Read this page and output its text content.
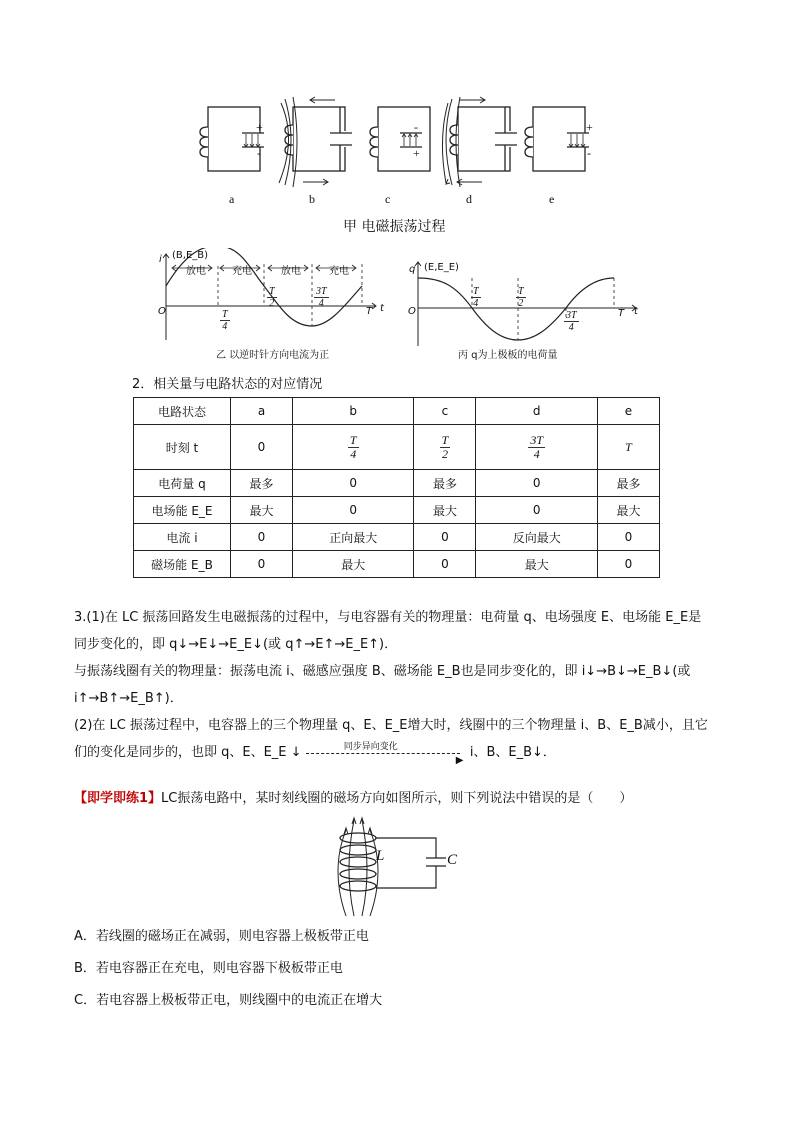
+
-
-
+
+
-
a	b	c	d	e
甲 电磁振荡过程
i (B,E_B)
放电	充电	放电	充电
O	T t
$\frac{T}{4}$
$\frac{T}{2}$	$\frac{3T}{4}$
乙 以逆时针方向电流为正
q (E,E_E)
O	T t
$\frac{T}{4}$	$\frac{T}{2}$
$\frac{3T}{4}$
丙 q为上极板的电荷量
2．相关量与电路状态的对应情况
电路状态	a	b	c	d	e
时刻 t	0	$\frac{T}{4}$	$\frac{T}{2}$	$\frac{3T}{4}$	T
电荷量 q	最多	0	最多	0	最多
电场能 E_E	最大	0	最大	0	最大
电流 i	0	正向最大	0	反向最大	0
磁场能 E_B	0	最大	0	最大	0
3.(1)在 LC 振荡回路发生电磁振荡的过程中，与电容器有关的物理量：电荷量 q、电场强度 E、电场能 E_E是
同步变化的，即 q↓→E↓→E_E↓(或 q↑→E↑→E_E↑)．
与振荡线圈有关的物理量：振荡电流 i、磁感应强度 B、磁场能 E_B也是同步变化的，即 i↓→B↓→E_B↓(或
i↑→B↑→E_B↑)．
(2)在 LC 振荡过程中，电容器上的三个物理量 q、E、E_E增大时，线圈中的三个物理量 i、B、E_B减小，且它
们的变化是同步的，也即 q、E、E_E ↓	同步异向变化
▶ i、B、E_B↓．
【即学即练1】LC振荡电路中，某时刻线圈的磁场方向如图所示，则下列说法中错误的是（　　）
L	C
A．若线圈的磁场正在减弱，则电容器上极板带正电
B．若电容器正在充电，则电容器下极板带正电
C．若电容器上极板带正电，则线圈中的电流正在增大
